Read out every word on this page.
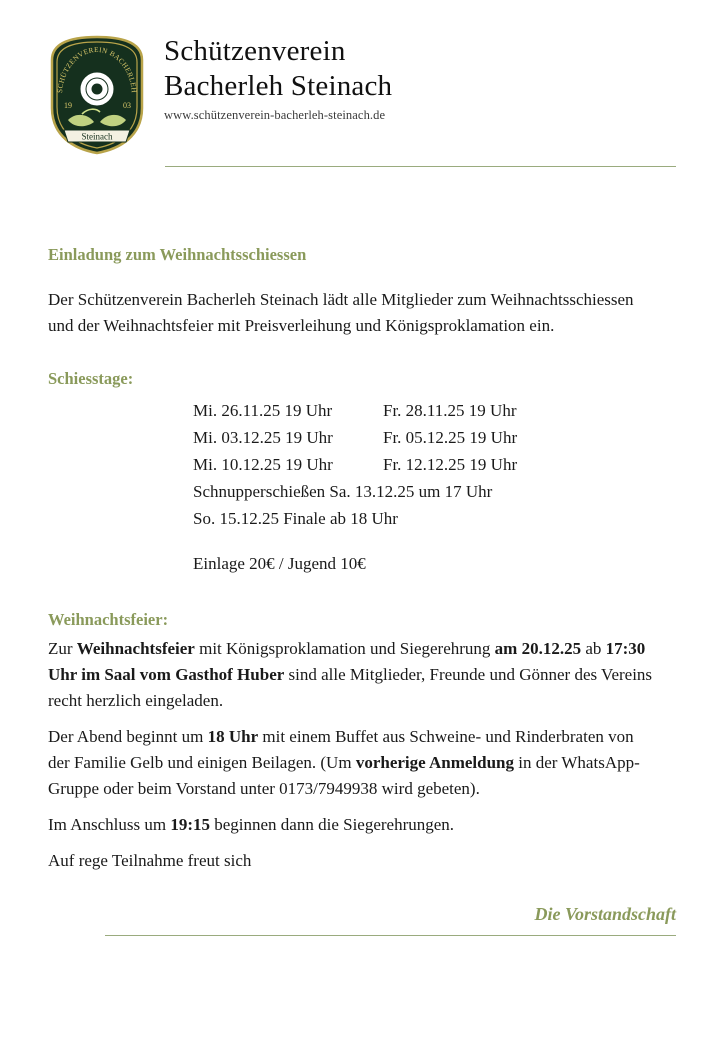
SCHÜTZENVEREIN BACHERLEH
19	03
Steinach
Schützenverein
Bacherleh Steinach
www.schützenverein-bacherleh-steinach.de
Einladung zum Weihnachtsschiessen

Der Schützenverein Bacherleh Steinach lädt alle Mitglieder zum Weihnachtsschiessen und der Weihnachtsfeier mit Preisverleihung und Königsproklamation ein.

Schiesstage:
Mi. 26.11.25 19 Uhr	Fr. 28.11.25 19 Uhr
Mi. 03.12.25 19 Uhr	Fr. 05.12.25 19 Uhr
Mi. 10.12.25 19 Uhr	Fr. 12.12.25 19 Uhr
Schnupperschießen Sa. 13.12.25 um 17 Uhr
So. 15.12.25 Finale ab 18 Uhr
Einlage 20€ / Jugend 10€
Weihnachtsfeier:

Zur Weihnachtsfeier mit Königsproklamation und Siegerehrung am 20.12.25 ab 17:30 Uhr im Saal vom Gasthof Huber sind alle Mitglieder, Freunde und Gönner des Vereins recht herzlich eingeladen.

Der Abend beginnt um 18 Uhr mit einem Buffet aus Schweine- und Rinderbraten von der Familie Gelb und einigen Beilagen. (Um vorherige Anmeldung in der WhatsApp-Gruppe oder beim Vorstand unter 0173/7949938 wird gebeten).

Im Anschluss um 19:15 beginnen dann die Siegerehrungen.

Auf rege Teilnahme freut sich

Die Vorstandschaft
